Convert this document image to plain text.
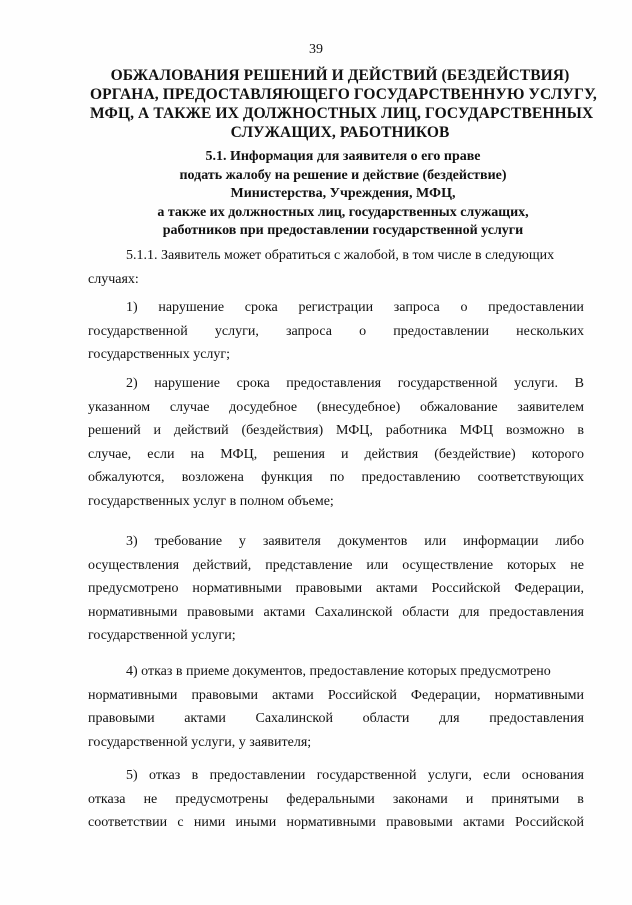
39
ОБЖАЛОВАНИЯ РЕШЕНИЙ И ДЕЙСТВИЙ (БЕЗДЕЙСТВИЯ)
ОРГАНА, ПРЕДОСТАВЛЯЮЩЕГО ГОСУДАРСТВЕННУЮ УСЛУГУ,
МФЦ, А ТАКЖЕ ИХ ДОЛЖНОСТНЫХ ЛИЦ, ГОСУДАРСТВЕННЫХ
СЛУЖАЩИХ, РАБОТНИКОВ
5.1. Информация для заявителя о его праве
подать жалобу на решение и действие (бездействие)
Министерства, Учреждения, МФЦ,
а также их должностных лиц, государственных служащих,
работников при предоставлении государственной услуги
5.1.1. Заявитель может обратиться с жалобой, в том числе в следующих
случаях:
1) нарушение срока регистрации запроса о предоставлении
государственной услуги, запроса о предоставлении нескольких
государственных услуг;
2) нарушение срока предоставления государственной услуги. В
указанном случае досудебное (внесудебное) обжалование заявителем
решений и действий (бездействия) МФЦ, работника МФЦ возможно в
случае, если на МФЦ, решения и действия (бездействие) которого
обжалуются, возложена функция по предоставлению соответствующих
государственных услуг в полном объеме;
3) требование у заявителя документов или информации либо
осуществления действий, представление или осуществление которых не
предусмотрено нормативными правовыми актами Российской Федерации,
нормативными правовыми актами Сахалинской области для предоставления
государственной услуги;
4) отказ в приеме документов, предоставление которых предусмотрено
нормативными правовыми актами Российской Федерации, нормативными
правовыми актами Сахалинской области для предоставления
государственной услуги, у заявителя;
5) отказ в предоставлении государственной услуги, если основания
отказа не предусмотрены федеральными законами и принятыми в
соответствии с ними иными нормативными правовыми актами Российской
